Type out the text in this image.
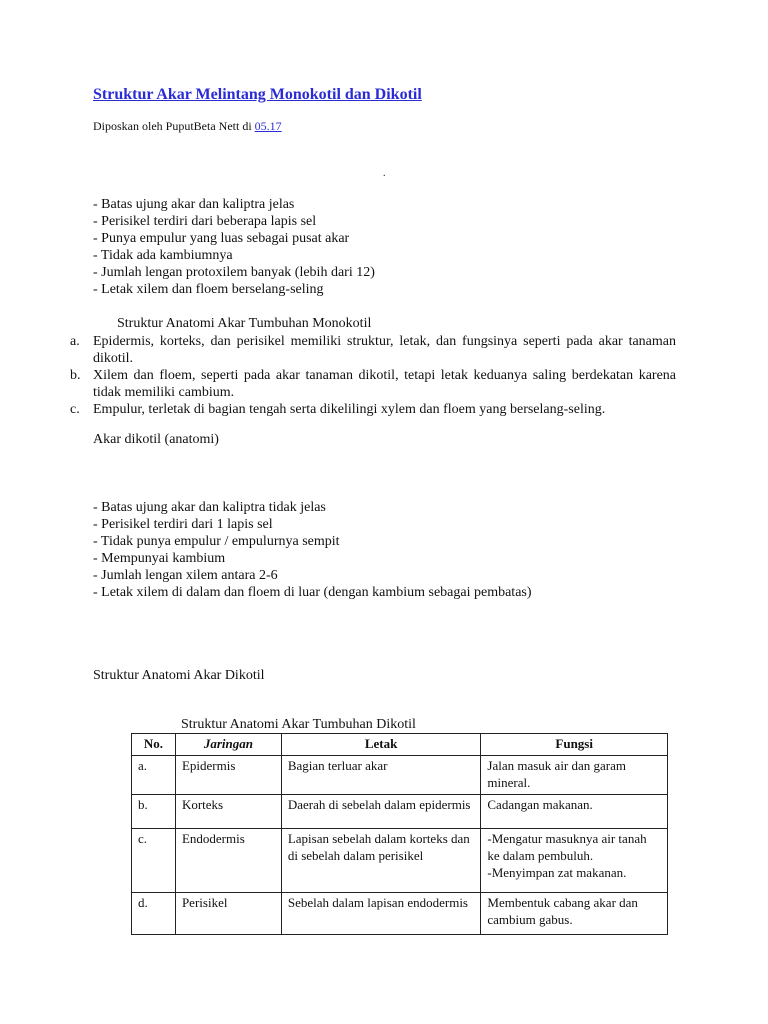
Struktur Akar Melintang Monokotil dan Dikotil
Diposkan oleh PuputBeta Nett di 05.17
.
- Batas ujung akar dan kaliptra jelas
- Perisikel terdiri dari beberapa lapis sel
- Punya empulur yang luas sebagai pusat akar
- Tidak ada kambiumnya
- Jumlah lengan protoxilem banyak (lebih dari 12)
- Letak xilem dan floem berselang-seling
Struktur Anatomi Akar Tumbuhan Monokotil
a. Epidermis, korteks, dan perisikel memiliki struktur, letak, dan fungsinya seperti pada akar tanaman dikotil.
b. Xilem dan floem, seperti pada akar tanaman dikotil, tetapi letak keduanya saling berdekatan karena tidak memiliki cambium.
c. Empulur, terletak di bagian tengah serta dikelilingi xylem dan floem yang berselang-seling.
Akar dikotil (anatomi)
- Batas ujung akar dan kaliptra tidak jelas
- Perisikel terdiri dari 1 lapis sel
- Tidak punya empulur / empulurnya sempit
- Mempunyai kambium
- Jumlah lengan xilem antara 2-6
- Letak xilem di dalam dan floem di luar (dengan kambium sebagai pembatas)
Struktur Anatomi Akar Dikotil
Struktur Anatomi Akar Tumbuhan Dikotil
No.	Jaringan	Letak	Fungsi
a.	Epidermis	Bagian terluar akar	Jalan masuk air dan garam mineral.
b.	Korteks	Daerah di sebelah dalam epidermis	Cadangan makanan.
c.	Endodermis	Lapisan sebelah dalam korteks dan di sebelah dalam perisikel	-Mengatur masuknya air tanah ke dalam pembuluh.
-Menyimpan zat makanan.
d.	Perisikel	Sebelah dalam lapisan endodermis	Membentuk cabang akar dan cambium gabus.
